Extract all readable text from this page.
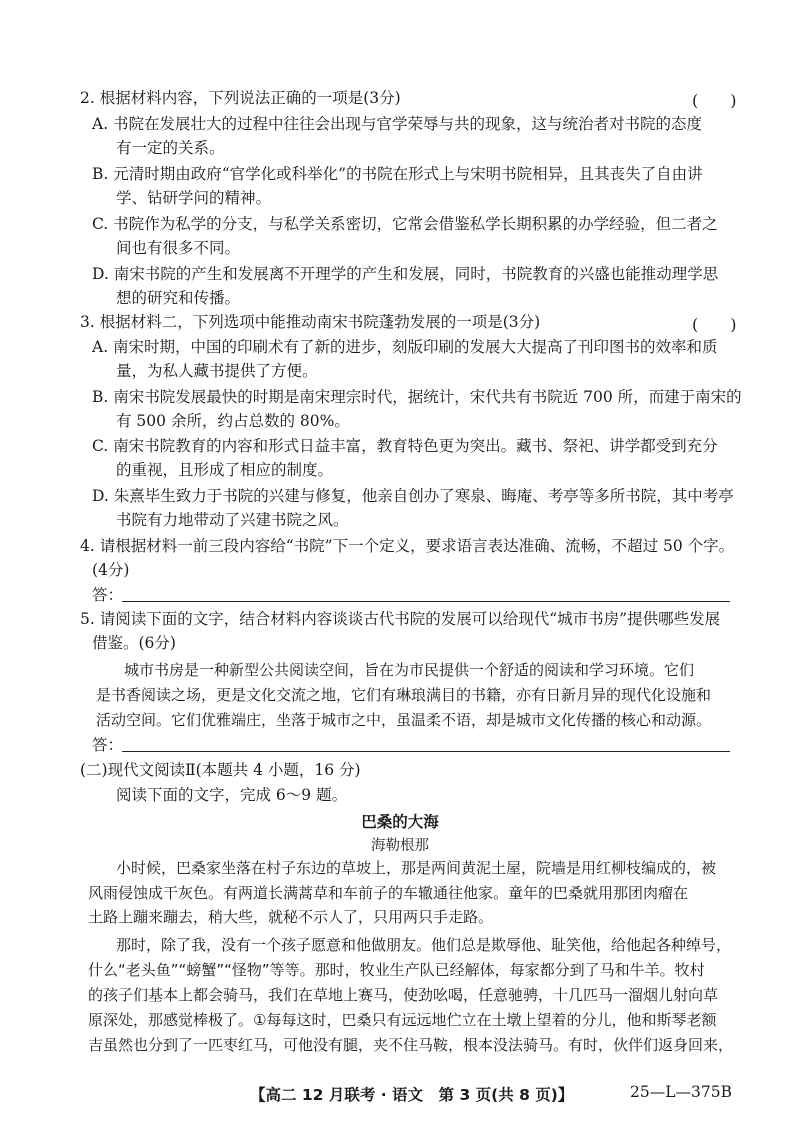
2. 根据材料内容，下列说法正确的一项是(3分)	(　　)
A. 书院在发展壮大的过程中往往会出现与官学荣辱与共的现象，这与统治者对书院的态度
有一定的关系。
B. 元清时期由政府“官学化或科举化”的书院在形式上与宋明书院相异，且其丧失了自由讲
学、钻研学问的精神。
C. 书院作为私学的分支，与私学关系密切，它常会借鉴私学长期积累的办学经验，但二者之
间也有很多不同。
D. 南宋书院的产生和发展离不开理学的产生和发展，同时，书院教育的兴盛也能推动理学思
想的研究和传播。
3. 根据材料二，下列选项中能推动南宋书院蓬勃发展的一项是(3分)	(　　)
A. 南宋时期，中国的印刷术有了新的进步，刻版印刷的发展大大提高了刊印图书的效率和质
量，为私人藏书提供了方便。
B. 南宋书院发展最快的时期是南宋理宗时代，据统计，宋代共有书院近 700 所，而建于南宋的
有 500 余所，约占总数的 80%。
C. 南宋书院教育的内容和形式日益丰富，教育特色更为突出。藏书、祭祀、讲学都受到充分
的重视，且形成了相应的制度。
D. 朱熹毕生致力于书院的兴建与修复，他亲自创办了寒泉、晦庵、考亭等多所书院，其中考亭
书院有力地带动了兴建书院之风。
4. 请根据材料一前三段内容给“书院”下一个定义，要求语言表达准确、流畅，不超过 50 个字。
(4分)
答：
5. 请阅读下面的文字，结合材料内容谈谈古代书院的发展可以给现代“城市书房”提供哪些发展
借鉴。(6分)
城市书房是一种新型公共阅读空间，旨在为市民提供一个舒适的阅读和学习环境。它们
是书香阅读之场，更是文化交流之地，它们有琳琅满目的书籍，亦有日新月异的现代化设施和
活动空间。它们优雅端庄，坐落于城市之中，虽温柔不语，却是城市文化传播的核心和动源。
答：
(二)现代文阅读Ⅱ(本题共 4 小题，16 分)
阅读下面的文字，完成 6～9 题。
巴桑的大海
海勒根那
小时候，巴桑家坐落在村子东边的草坡上，那是两间黄泥土屋，院墙是用红柳枝编成的，被
风雨侵蚀成干灰色。有两道长满蒿草和车前子的车辙通往他家。童年的巴桑就用那团肉瘤在
土路上蹦来蹦去，稍大些，就秘不示人了，只用两只手走路。
那时，除了我，没有一个孩子愿意和他做朋友。他们总是欺辱他、耻笑他，给他起各种绰号，
什么“老头鱼”“螃蟹”“怪物”等等。那时，牧业生产队已经解体，每家都分到了马和牛羊。牧村
的孩子们基本上都会骑马，我们在草地上赛马，使劲吆喝，任意驰骋，十几匹马一溜烟儿射向草
原深处，那感觉棒极了。①每每这时，巴桑只有远远地伫立在土墩上望着的分儿，他和斯琴老额
吉虽然也分到了一匹枣红马，可他没有腿，夹不住马鞍，根本没法骑马。有时，伙伴们返身回来，
【高二 12 月联考 · 语文　第 3 页(共 8 页)】	25—L—375B
